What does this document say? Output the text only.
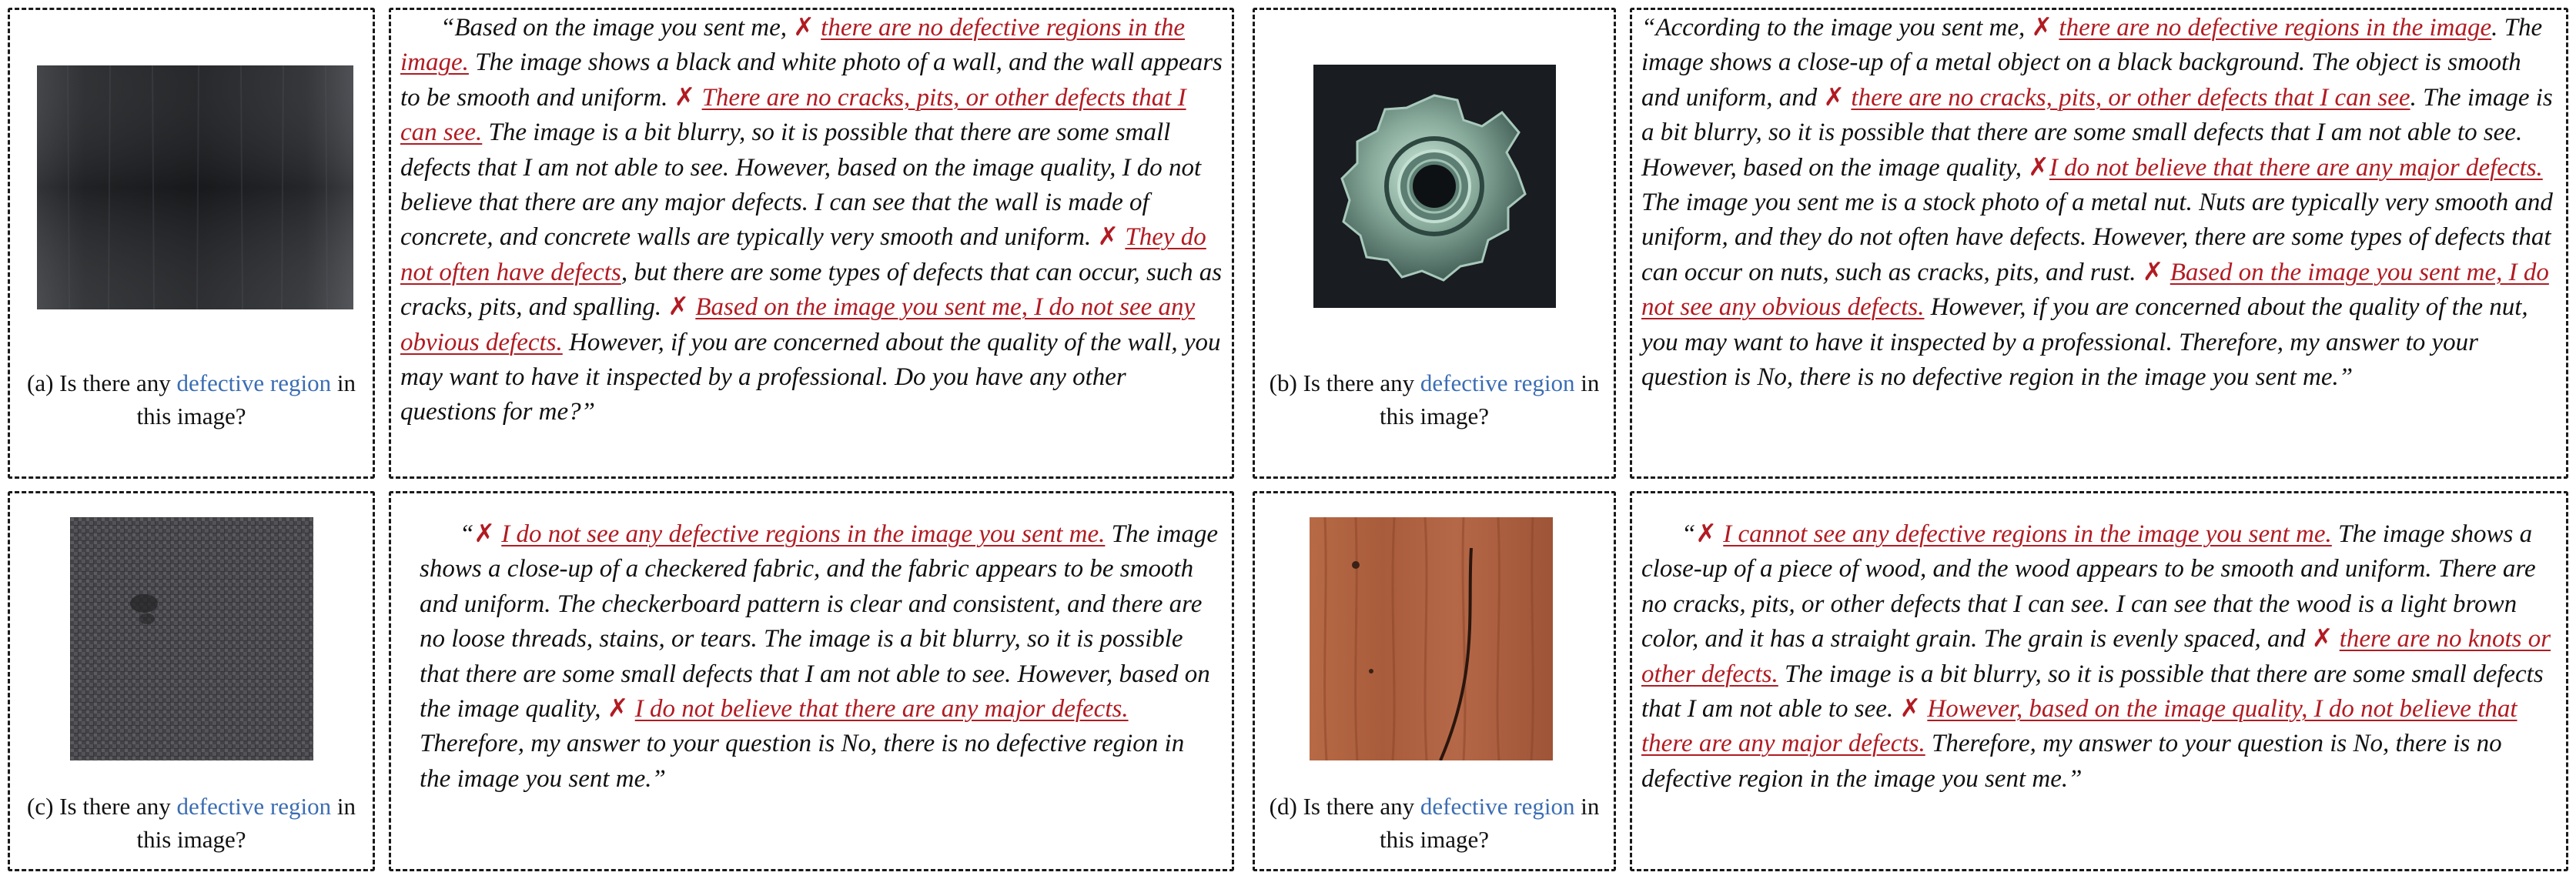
(a) Is there any defective region in this image?
“Based on the image you sent me, ✗ there are no defective regions in the image. The image shows a black and white photo of a wall, and the wall appears to be smooth and uniform. ✗ There are no cracks, pits, or other defects that I can see. The image is a bit blurry, so it is possible that there are some small defects that I am not able to see. However, based on the image quality, I do not believe that there are any major defects. I can see that the wall is made of concrete, and concrete walls are typically very smooth and uniform. ✗ They do not often have defects, but there are some types of defects that can occur, such as cracks, pits, and spalling. ✗ Based on the image you sent me, I do not see any obvious defects. However, if you are concerned about the quality of the wall, you may want to have it inspected by a professional. Do you have any other questions for me?”
(b) Is there any defective region in this image?
“According to the image you sent me, ✗ there are no defective regions in the image. The image shows a close-up of a metal object on a black background. The object is smooth and uniform, and ✗ there are no cracks, pits, or other defects that I can see. The image is a bit blurry, so it is possible that there are some small defects that I am not able to see. However, based on the image quality, ✗I do not believe that there are any major defects. The image you sent me is a stock photo of a metal nut. Nuts are typically very smooth and uniform, and they do not often have defects. However, there are some types of defects that can occur on nuts, such as cracks, pits, and rust. ✗ Based on the image you sent me, I do not see any obvious defects. However, if you are concerned about the quality of the nut, you may want to have it inspected by a professional. Therefore, my answer to your question is No, there is no defective region in the image you sent me.”
(c) Is there any defective region in this image?
“✗ I do not see any defective regions in the image you sent me. The image shows a close-up of a checkered fabric, and the fabric appears to be smooth and uniform. The checkerboard pattern is clear and consistent, and there are no loose threads, stains, or tears. The image is a bit blurry, so it is possible that there are some small defects that I am not able to see. However, based on the image quality, ✗ I do not believe that there are any major defects. Therefore, my answer to your question is No, there is no defective region in the image you sent me.”
(d) Is there any defective region in this image?
“✗ I cannot see any defective regions in the image you sent me. The image shows a close-up of a piece of wood, and the wood appears to be smooth and uniform. There are no cracks, pits, or other defects that I can see. I can see that the wood is a light brown color, and it has a straight grain. The grain is evenly spaced, and ✗ there are no knots or other defects. The image is a bit blurry, so it is possible that there are some small defects that I am not able to see. ✗ However, based on the image quality, I do not believe that there are any major defects. Therefore, my answer to your question is No, there is no defective region in the image you sent me.”
